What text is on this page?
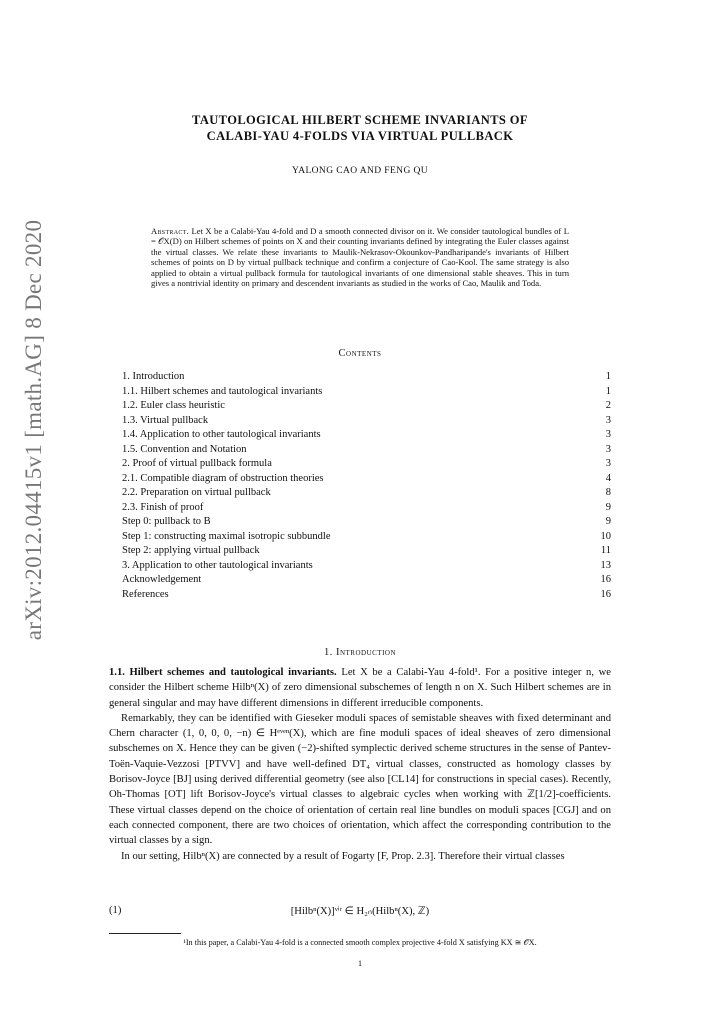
arXiv:2012.04415v1 [math.AG] 8 Dec 2020
TAUTOLOGICAL HILBERT SCHEME INVARIANTS OF
CALABI-YAU 4-FOLDS VIA VIRTUAL PULLBACK
YALONG CAO AND FENG QU
Abstract. Let X be a Calabi-Yau 4-fold and D a smooth connected divisor on it. We consider tautological bundles of L = 𝒪X(D) on Hilbert schemes of points on X and their counting invariants defined by integrating the Euler classes against the virtual classes. We relate these invariants to Maulik-Nekrasov-Okounkov-Pandharipande's invariants of Hilbert schemes of points on D by virtual pullback technique and confirm a conjecture of Cao-Kool. The same strategy is also applied to obtain a virtual pullback formula for tautological invariants of one dimensional stable sheaves. This in turn gives a nontrivial identity on primary and descendent invariants as studied in the works of Cao, Maulik and Toda.
Contents
1. Introduction	1
1.1. Hilbert schemes and tautological invariants	1
1.2. Euler class heuristic	2
1.3. Virtual pullback	3
1.4. Application to other tautological invariants	3
1.5. Convention and Notation	3
2. Proof of virtual pullback formula	3
2.1. Compatible diagram of obstruction theories	4
2.2. Preparation on virtual pullback	8
2.3. Finish of proof	9
Step 0: pullback to B	9
Step 1: constructing maximal isotropic subbundle	10
Step 2: applying virtual pullback	11
3. Application to other tautological invariants	13
Acknowledgement	16
References	16
1. Introduction

1.1. Hilbert schemes and tautological invariants. Let X be a Calabi-Yau 4-fold¹. For a positive integer n, we consider the Hilbert scheme Hilbⁿ(X) of zero dimensional subschemes of length n on X. Such Hilbert schemes are in general singular and may have different dimensions in different irreducible components.

Remarkably, they can be identified with Gieseker moduli spaces of semistable sheaves with fixed determinant and Chern character (1, 0, 0, 0, −n) ∈ Hᵉᵛᵉⁿ(X), which are fine moduli spaces of ideal sheaves of zero dimensional subschemes on X. Hence they can be given (−2)-shifted symplectic derived scheme structures in the sense of Pantev-Toën-Vaquie-Vezzosi [PTVV] and have well-defined DT₄ virtual classes, constructed as homology classes by Borisov-Joyce [BJ] using derived differential geometry (see also [CL14] for constructions in special cases). Recently, Oh-Thomas [OT] lift Borisov-Joyce's virtual classes to algebraic cycles when working with ℤ[1/2]-coefficients. These virtual classes depend on the choice of orientation of certain real line bundles on moduli spaces [CGJ] and on each connected component, there are two choices of orientation, which affect the corresponding contribution to the virtual classes by a sign.

In our setting, Hilbⁿ(X) are connected by a result of Fogarty [F, Prop. 2.3]. Therefore their virtual classes

(1)	[Hilbⁿ(X)]ᵛⁱʳ ∈ H₂ₙ(Hilbⁿ(X), ℤ)
¹In this paper, a Calabi-Yau 4-fold is a connected smooth complex projective 4-fold X satisfying KX ≅ 𝒪X.
1
